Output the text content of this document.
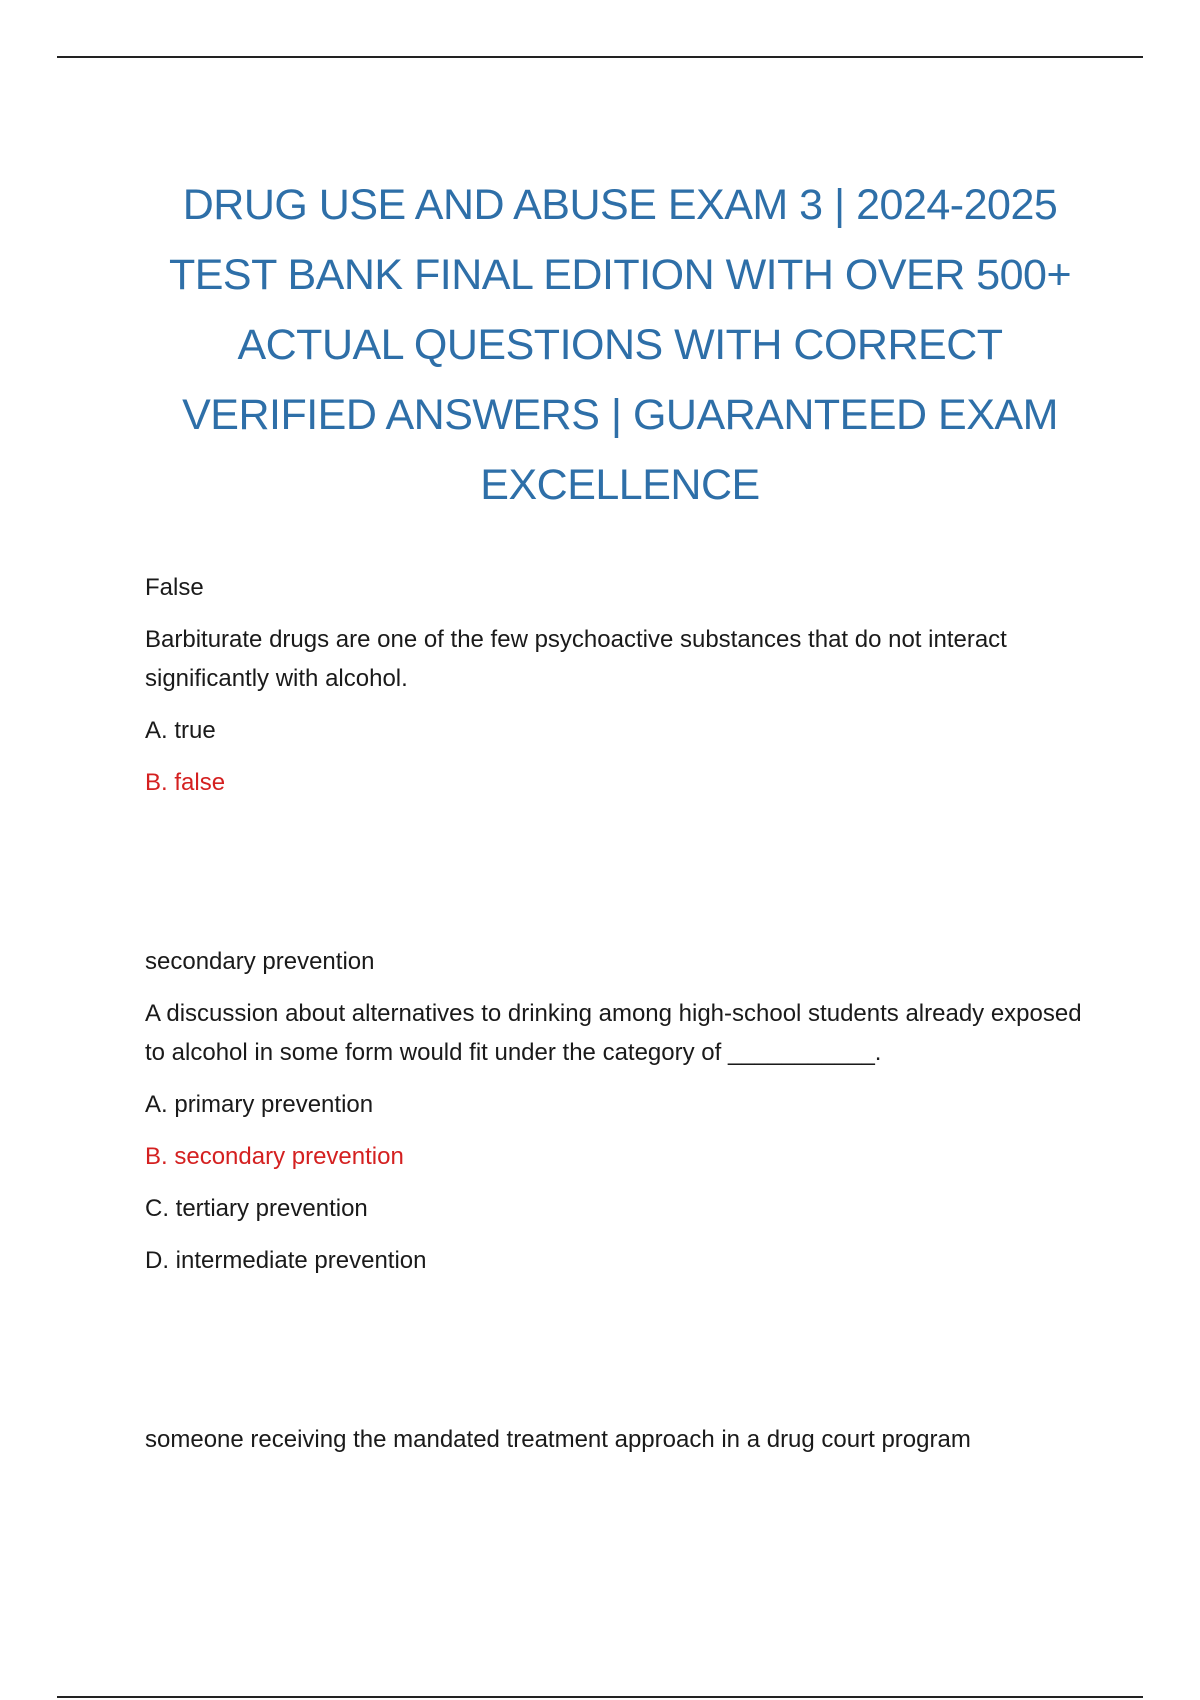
DRUG USE AND ABUSE EXAM 3 | 2024-2025
TEST BANK FINAL EDITION WITH OVER 500+
ACTUAL QUESTIONS WITH CORRECT
VERIFIED ANSWERS | GUARANTEED EXAM
EXCELLENCE

False

Barbiturate drugs are one of the few psychoactive substances that do not interact significantly with alcohol.

A. true

B. false

secondary prevention

A discussion about alternatives to drinking among high-school students already exposed to alcohol in some form would fit under the category of ___________.

A. primary prevention

B. secondary prevention

C. tertiary prevention

D. intermediate prevention

someone receiving the mandated treatment approach in a drug court program
